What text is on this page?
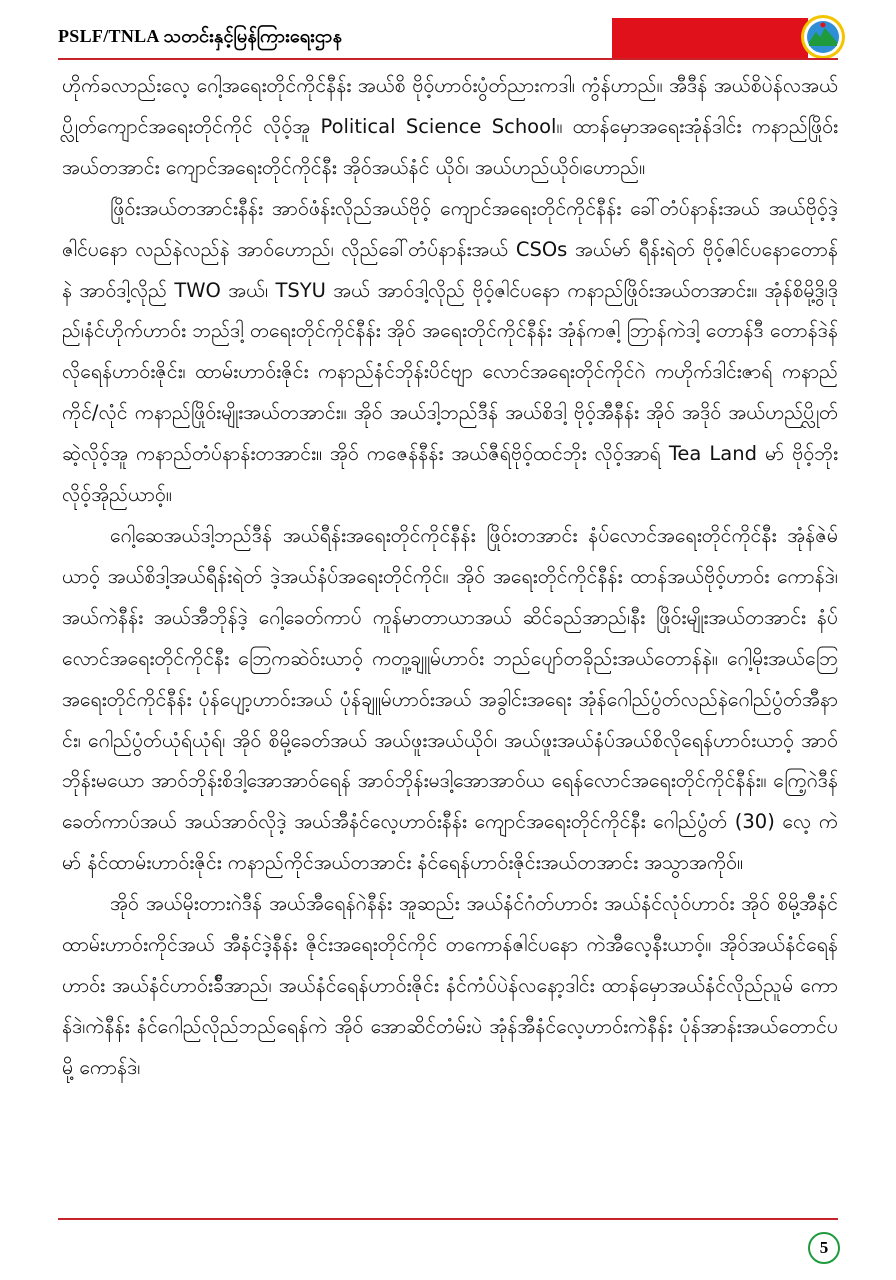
PSLF/TNLA သတင်းနှင့်မြန်ကြားရေးဌာန

ဟိုက်ခလာည်းလေ့ ဂေါ့အရေးတိုင်ကိုင်နီန်း အယ်စိ ဗိုဝ့်ဟာဝ်းပွံတ်ညားကဒါ၊ ကွံန်ဟာည်။ အီဒီန် အယ်စိပဲန်လအယ်ပ္လိုတ်ကျောင်အရေးတိုင်ကိုင် လိုဝ့်အူ Political Science School။ ထာန်မှောအရေးအုံန်ဒါင်း ကနာည်ဖြိုဝ်းအယ်တအာင်း ကျောင်အရေးတိုင်ကိုင်နီး အိုဝ်အယ်နံင် ယိုဝ်၊ အယ်ဟည်ယိုဝ်၊ဟောည်။

ဖြိုဝ်းအယ်တအာင်းနီန်း အာဝ်ဖံန်းလိုည်အယ်ဗိုဝ့် ကျောင်အရေးတိုင်ကိုင်နီန်း ခေါ်တံပ်နာန်းအယ် အယ်ဗိုဝ့်ဒဲ့ဇါင်ပနော လည်နဲလည်နဲ အာဝ်ဟောည်၊ လိုည်ခေါ်တံပ်နာန်းအယ် CSOs အယ်မာ် ရီန်းရဲတ် ဗိုဝ့်ဇါင်ပနောတောန်နဲ အာဝ်ဒါ့လိုည် TWO အယ်၊ TSYU အယ် အာဝ်ဒါ့လိုည် ဗိုဝ့်ဇါင်ပနော ကနာည်ဖြိုဝ်းအယ်တအာင်း။ အုံန်စိမို့ဒွိ၊ဒိုည်၊နံင်ဟိုက်ဟာဝ်း ဘည်ဒါ့ တရေးတိုင်ကိုင်နီန်း အိုဝ် အရေးတိုင်ကိုင်နီန်း အုံန်ကဇါ့ ဘြာန်ကဲဒါ့ တောန်ဒီ တောန်ဒဲန် လိုရေန်ဟာဝ်းဇိုင်း၊ ထာမ်းဟာဝ်းဇိုင်း ကနာည်နံင်ဘိုန်းပိင်ဗျာ လောင်အရေးတိုင်ကိုင်ဂဲ ကဟိုက်ဒါင်းဇာရ် ကနာည်ကိုင်/လုံင် ကနာည်ဖြိုဝ်းမျိုးအယ်တအာင်း။ အိုဝ် အယ်ဒါ့ဘည်ဒီန် အယ်စိဒါ့ ဗိုဝ့်အီနီန်း အိုဝ် အဒိုဝ် အယ်ဟည်ပ္လိုတ်ဆဲ့လိုဝ့်အူ ကနာည်တံပ်နာန်းတအာင်း။ အိုဝ် ကဇေန်နီန်း အယ်ဇီရ်ဗိုဝ့်ထင်ဘိုး လိုဝ့်အာရ် Tea Land မာ် ဗိုဝ့်ဘိုး လိုဝ့်အိုည်ယာဝ့်။

ဂေါ့ဆေအယ်ဒါ့ဘည်ဒီန် အယ်ရီန်းအရေးတိုင်ကိုင်နီန်း ဖြိုဝ်းတအာင်း နံပ်လောင်အရေးတိုင်ကိုင်နီး အုံန်ဇဲမ်ယာဝ့် အယ်စိဒါ့အယ်ရီန်းရဲတ် ဒဲ့အယ်နံပ်အရေးတိုင်ကိုင်။ အိုဝ် အရေးတိုင်ကိုင်နီန်း ထာန်အယ်ဗိုဝ့်ဟာဝ်း ကောန်ဒဲ၊အယ်ကဲနီန်း အယ်အီဘိုန်ဒဲ့ ဂေါ့ခေတ်ကာပ် ကူန်မာတာယာအယ် ဆိင်ခည်အာည်၊နီး ဖြိုဝ်းမျိုးအယ်တအာင်း နံပ်လောင်အရေးတိုင်ကိုင်နီး ဘြေကဆဲဝ်းယာဝ့် ကတူ့ချူမ်ဟာဝ်း ဘည်ပျော်တခိုည်းအယ်တောန်နဲ။ ဂေါ့မိုးအယ်ဘြေ အရေးတိုင်ကိုင်နီန်း ပုံန်ပျော့ဟာဝ်းအယ် ပုံန်ချူမ်ဟာဝ်းအယ် အခွါင်းအရေး အုံန်ဂေါည်ပွံတ်လည်နဲဂေါည်ပွံတ်အီနာင်း၊ ဂေါည်ပွံတ်ယုံရ်ယုံရ်၊ အိုဝ် စိမို့ခေတ်အယ် အယ်ဖူးအယ်ယိုဝ်၊ အယ်ဖူးအယ်နံပ်အယ်စိလိုရေန်ဟာဝ်းယာဝ့် အာဝ်ဘိုန်းမယော အာဝ်ဘိုန်းစိဒါ့အောအာဝ်ရေန် အာဝ်ဘိုန်းမဒါ့အောအာဝ်ယ ရေန်လောင်အရေးတိုင်ကိုင်နီန်း။ ကြေ့ဂဲဒီန် ခေတ်ကာပ်အယ် အယ်အာဝ်လိုဒဲ့ အယ်အီနံင်လေ့ဟာဝ်းနီန်း ကျောင်အရေးတိုင်ကိုင်နီး ဂေါည်ပွံတ် (30) လေ့ ကဲမာ် နံင်ထာမ်းဟာဝ်းဇိုင်း ကနာည်ကိုင်အယ်တအာင်း နံင်ရေန်ဟာဝ်းဇိုင်းအယ်တအာင်း အသွာအကိုဝ်။

အိုဝ် အယ်မိုးတားဂဲဒီန် အယ်အီရေန်ဂဲနီန်း အူဆည်း အယ်နံင်ဂံတ်ဟာဝ်း အယ်နံင်လုံဝ်ဟာဝ်း အိုဝ် စိမို့အီနံင်ထာမ်းဟာဝ်းကိုင်အယ် အီနံင်ဒဲ့နီန်း ဇိုင်းအရေးတိုင်ကိုင် တကောန်ဇါင်ပနော ကဲအီလေ့နီးယာဝ့်။ အိုဝ်အယ်နံင်ရေန်ဟာဝ်း အယ်နံင်ဟာဝ်းခ်ီအာည်၊ အယ်နံင်ရေန်ဟာဝ်းဇိုင်း နံင်ကံပ်ပဲန်လနော့ဒါင်း ထာန်မှောအယ်နံင်လိုည်ညူမ် ကောန်ဒဲ၊ကဲနီန်း နံင်ဂေါည်လိုည်ဘည်ရေန်ကဲ အိုဝ် အောဆိင်တံမ်းပဲ အုံန်အီနံင်လေ့ဟာဝ်းကဲနီန်း ပုံန်အာန်းအယ်တောင်ပမို့ ကောန်ဒဲ၊

5
